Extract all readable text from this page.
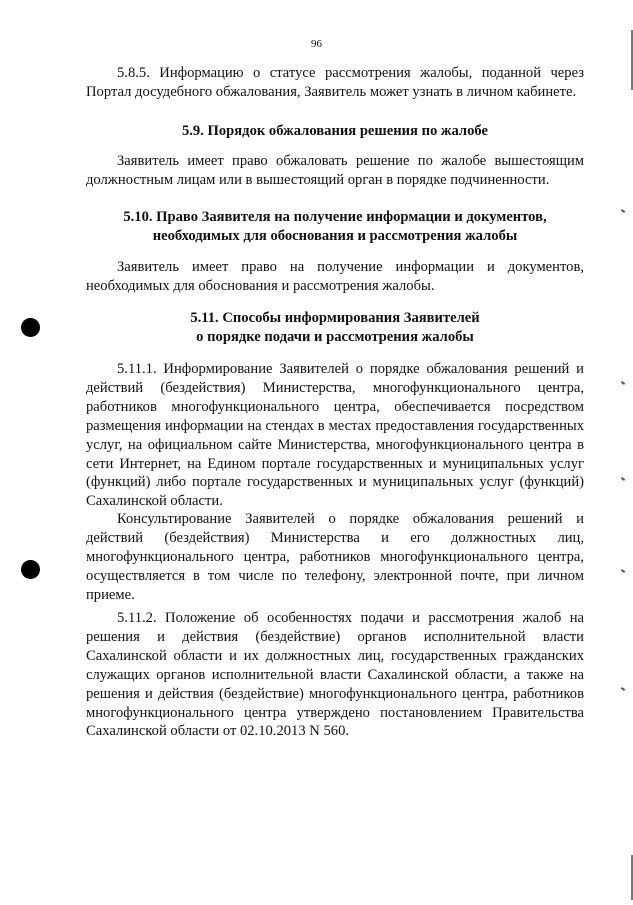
96
5.8.5. Информацию о статусе рассмотрения жалобы, поданной через Портал досудебного обжалования, Заявитель может узнать в личном кабинете.
5.9. Порядок обжалования решения по жалобе
Заявитель имеет право обжаловать решение по жалобе вышестоящим должностным лицам или в вышестоящий орган в порядке подчиненности.
5.10. Право Заявителя на получение информации и документов,
необходимых для обоснования и рассмотрения жалобы
Заявитель имеет право на получение информации и документов, необходимых для обоснования и рассмотрения жалобы.
5.11. Способы информирования Заявителей
о порядке подачи и рассмотрения жалобы
5.11.1. Информирование Заявителей о порядке обжалования решений и действий (бездействия) Министерства, многофункционального центра, работников многофункционального центра, обеспечивается посредством размещения информации на стендах в местах предоставления государственных услуг, на официальном сайте Министерства, многофункционального центра в сети Интернет, на Едином портале государственных и муниципальных услуг (функций) либо портале государственных и муниципальных услуг (функций) Сахалинской области.
Консультирование Заявителей о порядке обжалования решений и действий (бездействия) Министерства и его должностных лиц, многофункционального центра, работников многофункционального центра, осуществляется в том числе по телефону, электронной почте, при личном приеме.
5.11.2. Положение об особенностях подачи и рассмотрения жалоб на решения и действия (бездействие) органов исполнительной власти Сахалинской области и их должностных лиц, государственных гражданских служащих органов исполнительной власти Сахалинской области, а также на решения и действия (бездействие) многофункционального центра, работников многофункционального центра утверждено постановлением Правительства Сахалинской области от 02.10.2013 N 560.
